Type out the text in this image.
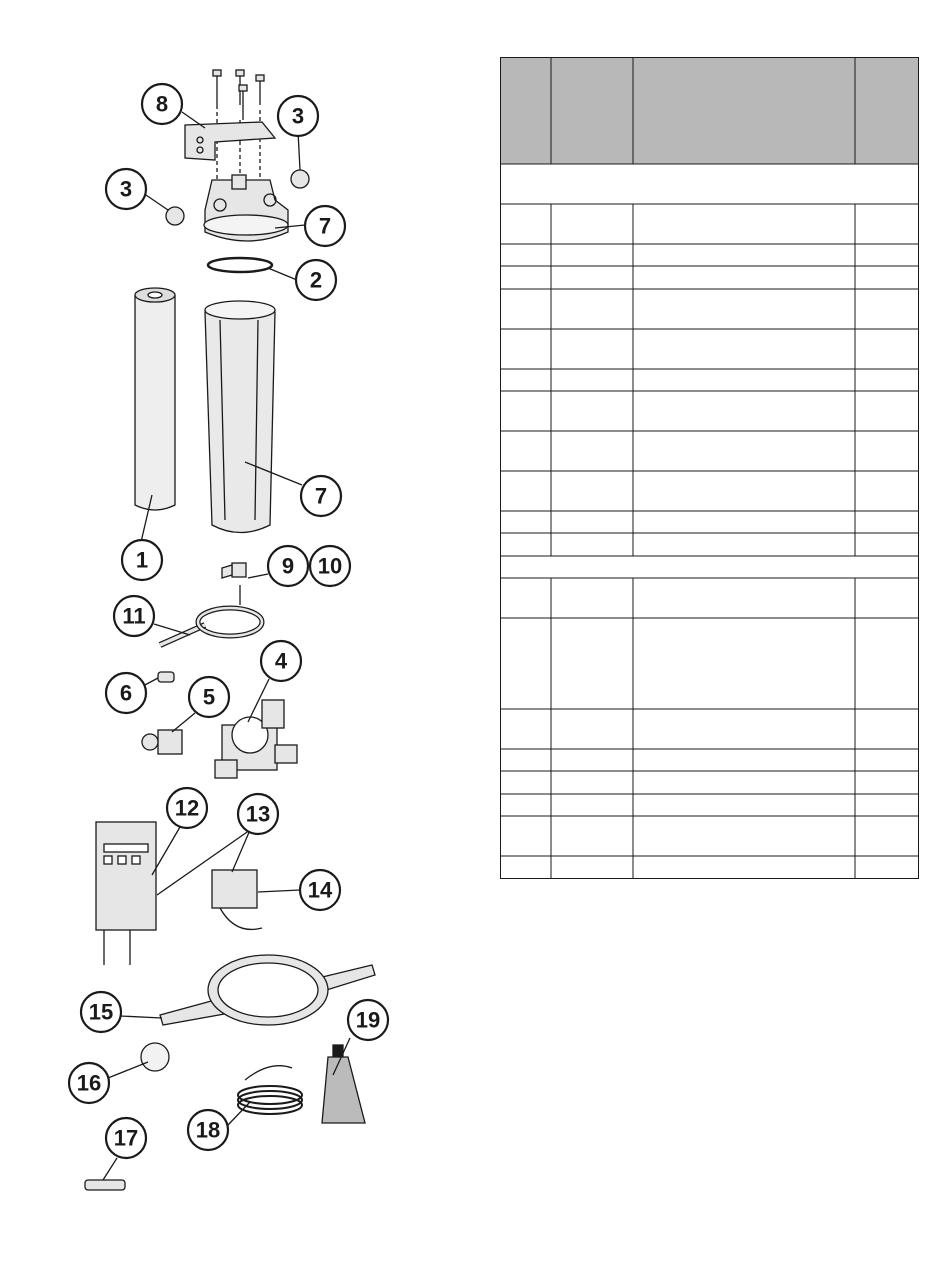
8	3
3
7
2
1
7
9 10
11
6	5
4
12 13
14
15
16
19
17	18
